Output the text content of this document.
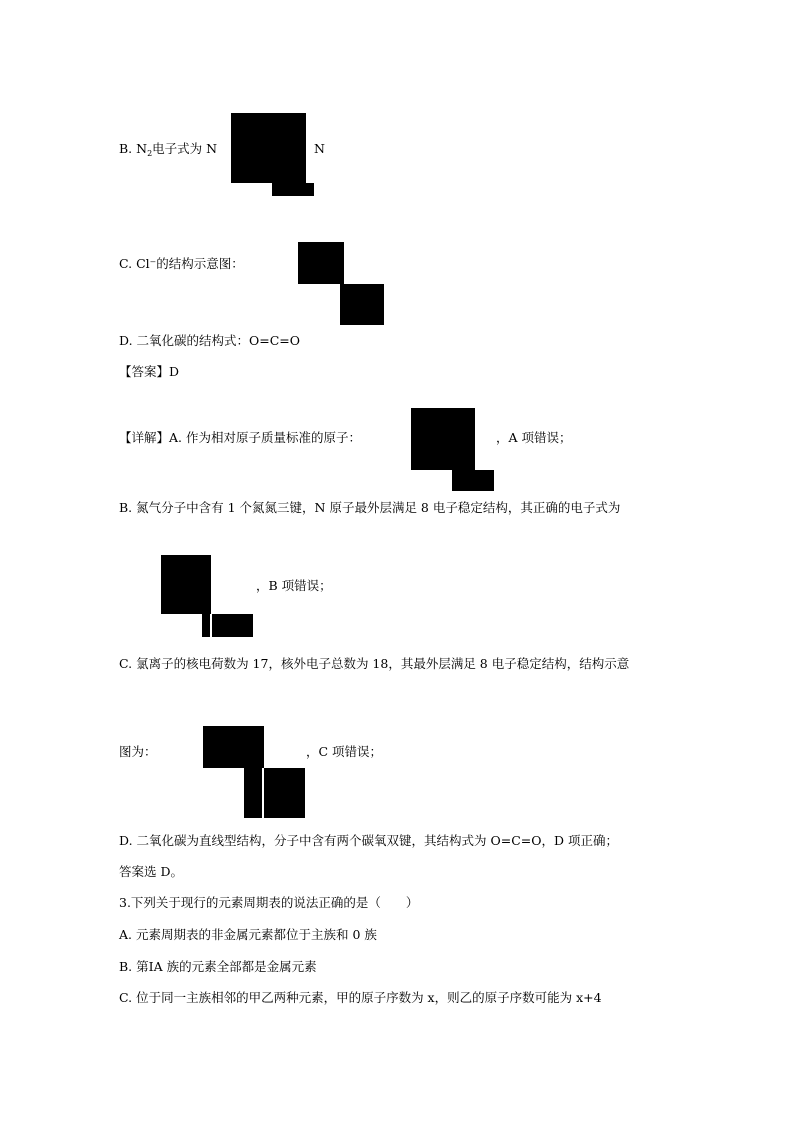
B. $N_2$电子式为 N	N
C. Cl⁻的结构示意图：
D. 二氧化碳的结构式：O=C=O
【答案】D
【详解】A. 作为相对原子质量标准的原子：	，A 项错误；
B. 氮气分子中含有 1 个氮氮三键，N 原子最外层满足 8 电子稳定结构，其正确的电子式为
，B 项错误；
C. 氯离子的核电荷数为 17，核外电子总数为 18，其最外层满足 8 电子稳定结构，结构示意
图为：	，C 项错误；
D. 二氧化碳为直线型结构，分子中含有两个碳氧双键，其结构式为 O=C=O，D 项正确；
答案选 D。
3.下列关于现行的元素周期表的说法正确的是（　　）
A. 元素周期表的非金属元素都位于主族和 0 族
B. 第ⅠA 族的元素全部都是金属元素
C. 位于同一主族相邻的甲乙两种元素，甲的原子序数为 x，则乙的原子序数可能为 x+4
